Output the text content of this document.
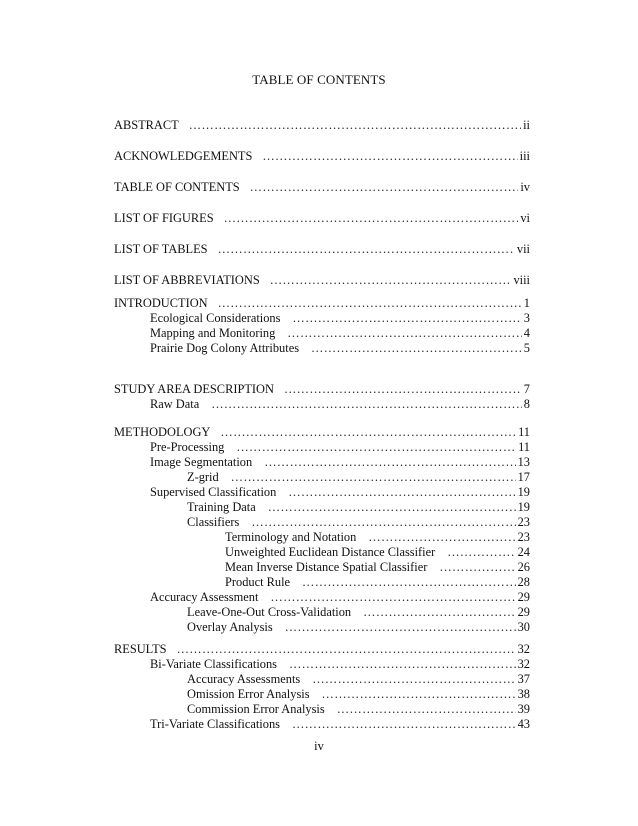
TABLE OF CONTENTS
ABSTRACT …………………………………………………………………………………………………………………………………………………………………………………	ii
ACKNOWLEDGEMENTS …………………………………………………………………………………………………………………………………………………………………………………	iii
TABLE OF CONTENTS …………………………………………………………………………………………………………………………………………………………………………………	iv
LIST OF FIGURES …………………………………………………………………………………………………………………………………………………………………………………	vi
LIST OF TABLES …………………………………………………………………………………………………………………………………………………………………………………	vii
LIST OF ABBREVIATIONS …………………………………………………………………………………………………………………………………………………………………………………	viii
INTRODUCTION …………………………………………………………………………………………………………………………………………………………………………………	1
Ecological Considerations …………………………………………………………………………………………………………………………………………………………………………………	3
Mapping and Monitoring …………………………………………………………………………………………………………………………………………………………………………………	4
Prairie Dog Colony Attributes …………………………………………………………………………………………………………………………………………………………………………………	5
STUDY AREA DESCRIPTION …………………………………………………………………………………………………………………………………………………………………………………	7
Raw Data …………………………………………………………………………………………………………………………………………………………………………………	8
METHODOLOGY …………………………………………………………………………………………………………………………………………………………………………………	11
Pre-Processing …………………………………………………………………………………………………………………………………………………………………………………	11
Image Segmentation …………………………………………………………………………………………………………………………………………………………………………………	13
Z-grid …………………………………………………………………………………………………………………………………………………………………………………	17
Supervised Classification …………………………………………………………………………………………………………………………………………………………………………………	19
Training Data …………………………………………………………………………………………………………………………………………………………………………………	19
Classifiers …………………………………………………………………………………………………………………………………………………………………………………	23
Terminology and Notation …………………………………………………………………………………………………………………………………………………………………………………	23
Unweighted Euclidean Distance Classifier …………………………………………………………………………………………………………………………………………………………………………………	24
Mean Inverse Distance Spatial Classifier …………………………………………………………………………………………………………………………………………………………………………………	26
Product Rule …………………………………………………………………………………………………………………………………………………………………………………	28
Accuracy Assessment …………………………………………………………………………………………………………………………………………………………………………………	29
Leave-One-Out Cross-Validation …………………………………………………………………………………………………………………………………………………………………………………	29
Overlay Analysis …………………………………………………………………………………………………………………………………………………………………………………	30
RESULTS …………………………………………………………………………………………………………………………………………………………………………………	32
Bi-Variate Classifications …………………………………………………………………………………………………………………………………………………………………………………	32
Accuracy Assessments …………………………………………………………………………………………………………………………………………………………………………………	37
Omission Error Analysis …………………………………………………………………………………………………………………………………………………………………………………	38
Commission Error Analysis …………………………………………………………………………………………………………………………………………………………………………………	39
Tri-Variate Classifications …………………………………………………………………………………………………………………………………………………………………………………	43
iv
